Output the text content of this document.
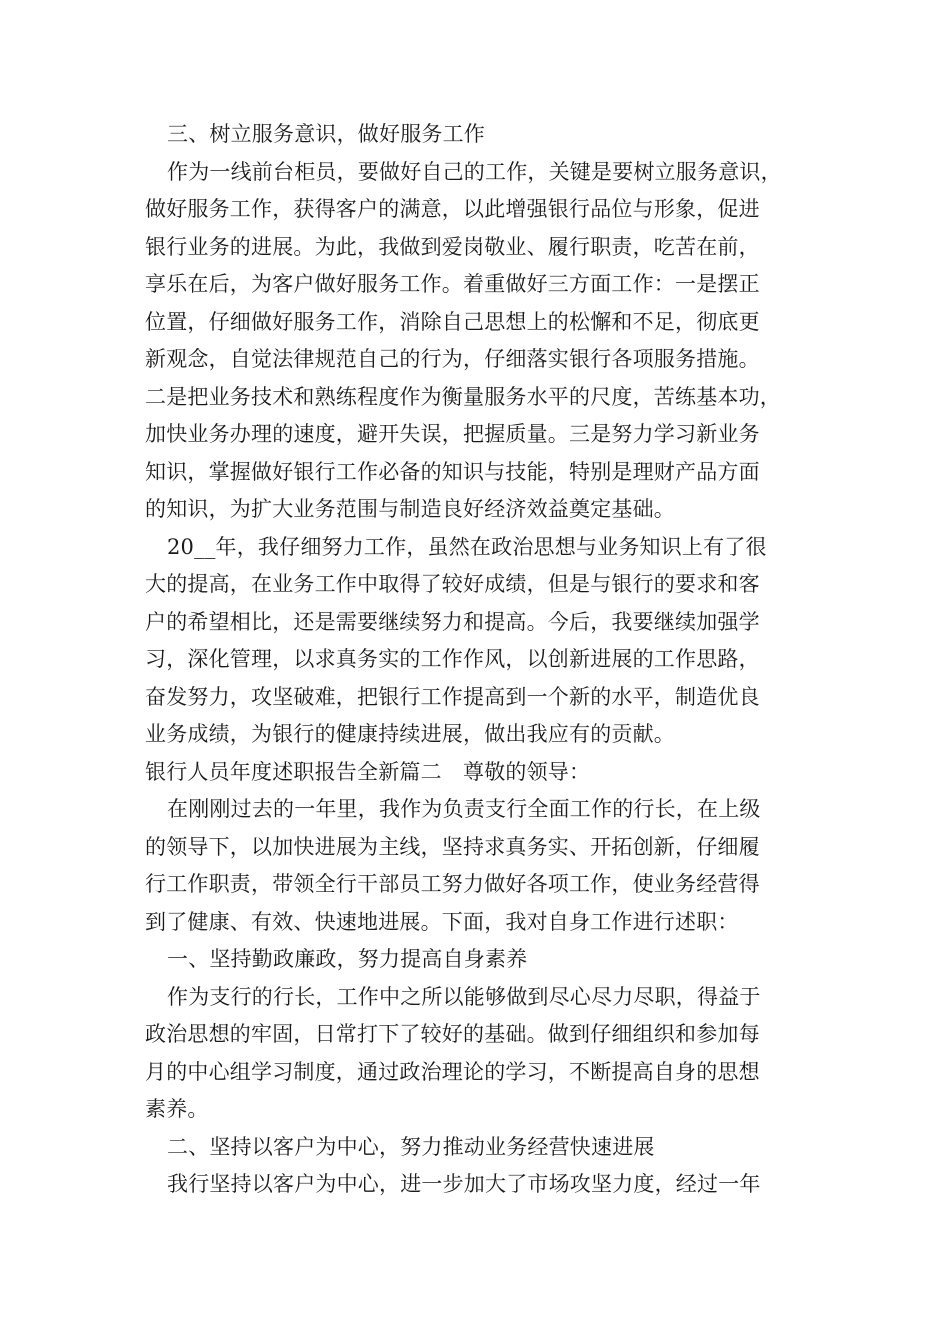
三、树立服务意识，做好服务工作
作为一线前台柜员，要做好自己的工作，关键是要树立服务意识，
做好服务工作，获得客户的满意，以此增强银行品位与形象，促进
银行业务的进展。为此，我做到爱岗敬业、履行职责，吃苦在前，
享乐在后，为客户做好服务工作。着重做好三方面工作：一是摆正
位置，仔细做好服务工作，消除自己思想上的松懈和不足，彻底更
新观念，自觉法律规范自己的行为，仔细落实银行各项服务措施。
二是把业务技术和熟练程度作为衡量服务水平的尺度，苦练基本功，
加快业务办理的速度，避开失误，把握质量。三是努力学习新业务
知识，掌握做好银行工作必备的知识与技能，特别是理财产品方面
的知识，为扩大业务范围与制造良好经济效益奠定基础。
20__年，我仔细努力工作，虽然在政治思想与业务知识上有了很
大的提高，在业务工作中取得了较好成绩，但是与银行的要求和客
户的希望相比，还是需要继续努力和提高。今后，我要继续加强学
习，深化管理，以求真务实的工作作风，以创新进展的工作思路，
奋发努力，攻坚破难，把银行工作提高到一个新的水平，制造优良
业务成绩，为银行的健康持续进展，做出我应有的贡献。
银行人员年度述职报告全新篇二　尊敬的领导：
在刚刚过去的一年里，我作为负责支行全面工作的行长，在上级
的领导下，以加快进展为主线，坚持求真务实、开拓创新，仔细履
行工作职责，带领全行干部员工努力做好各项工作，使业务经营得
到了健康、有效、快速地进展。下面，我对自身工作进行述职：
一、坚持勤政廉政，努力提高自身素养
作为支行的行长，工作中之所以能够做到尽心尽力尽职，得益于
政治思想的牢固，日常打下了较好的基础。做到仔细组织和参加每
月的中心组学习制度，通过政治理论的学习，不断提高自身的思想
素养。
二、坚持以客户为中心，努力推动业务经营快速进展
我行坚持以客户为中心，进一步加大了市场攻坚力度，经过一年
